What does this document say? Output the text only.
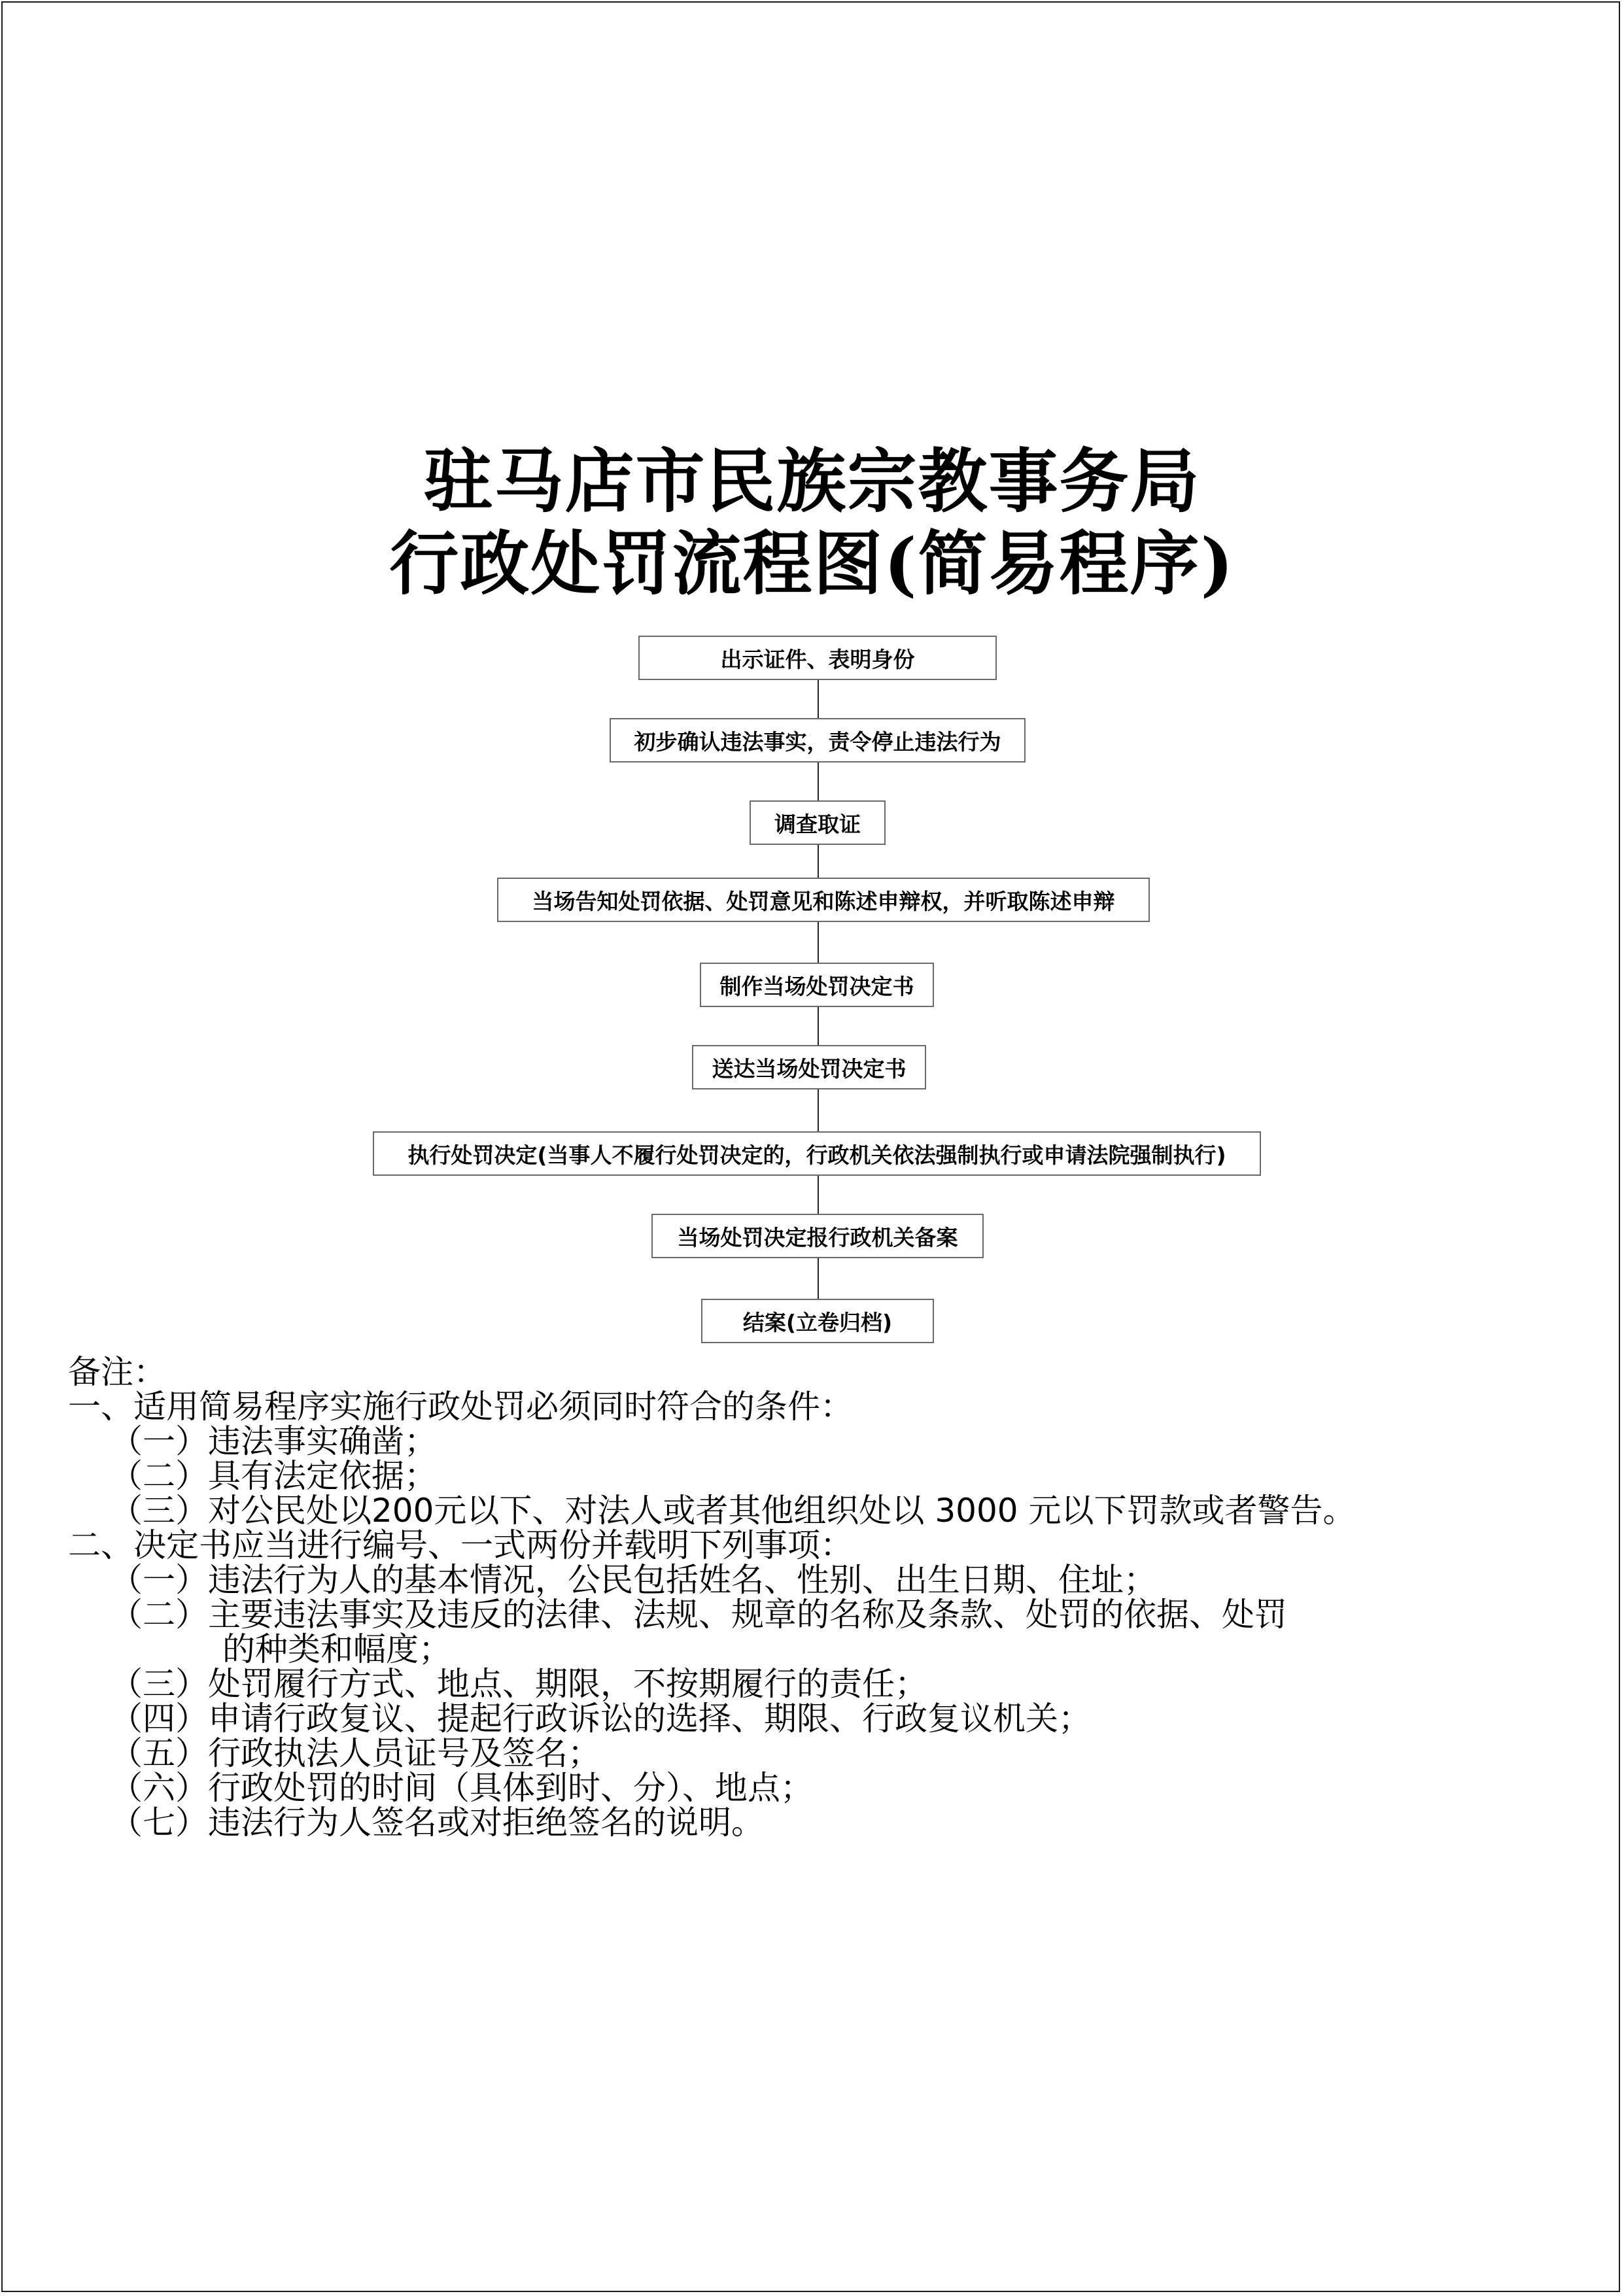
驻马店市民族宗教事务局
行政处罚流程图(简易程序)
出示证件、表明身份
初步确认违法事实，责令停止违法行为
调查取证
当场告知处罚依据、处罚意见和陈述申辩权，并听取陈述申辩
制作当场处罚决定书
送达当场处罚决定书
执行处罚决定(当事人不履行处罚决定的，行政机关依法强制执行或申请法院强制执行)
当场处罚决定报行政机关备案
结案(立卷归档)
备注：
一、适用简易程序实施行政处罚必须同时符合的条件：
（一）违法事实确凿；
（二）具有法定依据；
（三）对公民处以200元以下、对法人或者其他组织处以 3000 元以下罚款或者警告。
二、决定书应当进行编号、一式两份并载明下列事项：
（一）违法行为人的基本情况，公民包括姓名、性别、出生日期、住址；
（二）主要违法事实及违反的法律、法规、规章的名称及条款、处罚的依据、处罚
的种类和幅度；
（三）处罚履行方式、地点、期限，不按期履行的责任；
（四）申请行政复议、提起行政诉讼的选择、期限、行政复议机关；
（五）行政执法人员证号及签名；
（六）行政处罚的时间（具体到时、分）、地点；
（七）违法行为人签名或对拒绝签名的说明。
